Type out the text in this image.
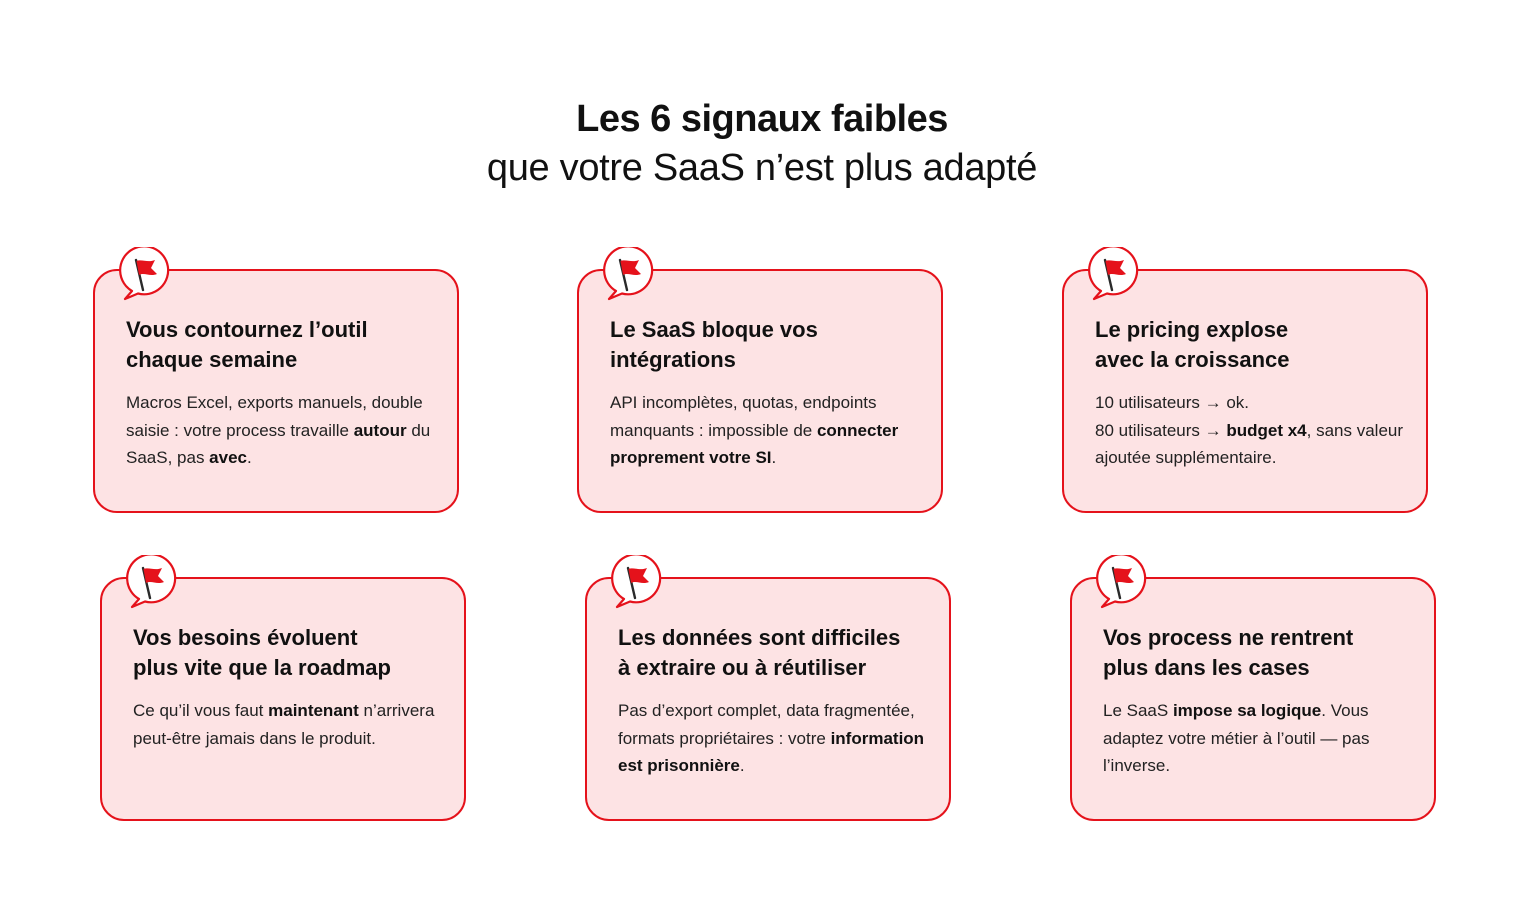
Les 6 signaux faibles
que votre SaaS n’est plus adapté
Vous contournez l’outil
chaque semaine
Macros Excel, exports manuels, double saisie : votre process travaille autour du SaaS, pas avec.
Le SaaS bloque vos
intégrations
API incomplètes, quotas, endpoints manquants : impossible de connecter proprement votre SI.
Le pricing explose
avec la croissance
10 utilisateurs → ok.
80 utilisateurs → budget x4, sans valeur ajoutée supplémentaire.
Vos besoins évoluent
plus vite que la roadmap
Ce qu’il vous faut maintenant n’arrivera peut-être jamais dans le produit.
Les données sont difficiles
à extraire ou à réutiliser
Pas d’export complet, data fragmentée, formats propriétaires : votre information est prisonnière.
Vos process ne rentrent
plus dans les cases
Le SaaS impose sa logique. Vous adaptez votre métier à l’outil — pas l’inverse.
